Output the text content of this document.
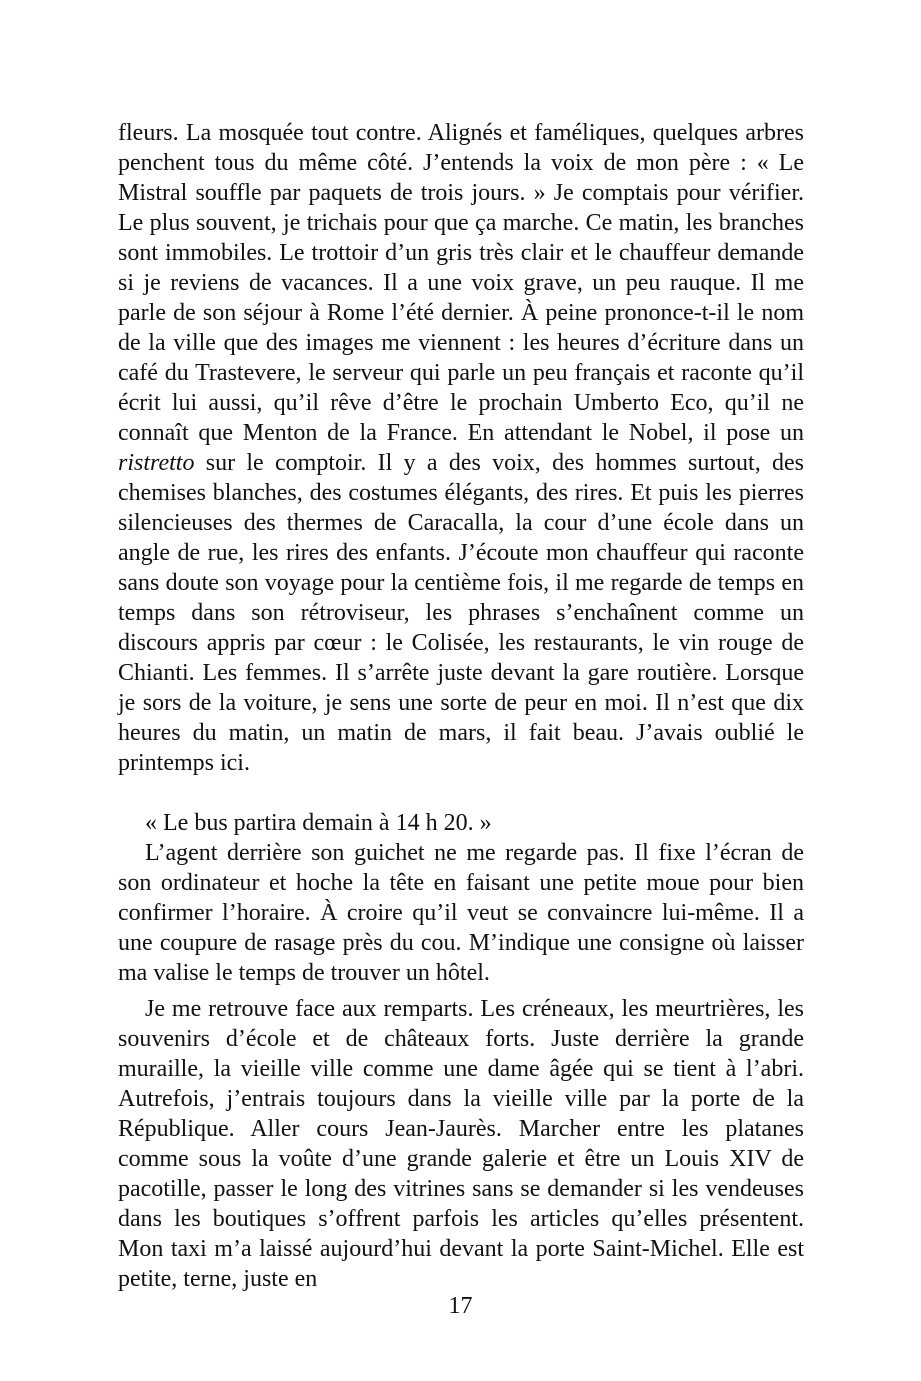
fleurs. La mosquée tout contre. Alignés et faméliques, quelques arbres penchent tous du même côté. J’entends la voix de mon père : « Le Mistral souffle par paquets de trois jours. » Je comptais pour vérifier. Le plus souvent, je trichais pour que ça marche. Ce matin, les branches sont immobiles. Le trottoir d’un gris très clair et le chauffeur demande si je reviens de vacances. Il a une voix grave, un peu rauque. Il me parle de son séjour à Rome l’été dernier. À peine prononce-t-il le nom de la ville que des images me viennent : les heures d’écriture dans un café du Trastevere, le serveur qui parle un peu français et raconte qu’il écrit lui aussi, qu’il rêve d’être le prochain Umberto Eco, qu’il ne connaît que Menton de la France. En attendant le Nobel, il pose un ristretto sur le comptoir. Il y a des voix, des hommes surtout, des chemises blanches, des costumes élégants, des rires. Et puis les pierres silencieuses des thermes de Caracalla, la cour d’une école dans un angle de rue, les rires des enfants. J’écoute mon chauffeur qui raconte sans doute son voyage pour la centième fois, il me regarde de temps en temps dans son rétroviseur, les phrases s’enchaînent comme un discours appris par cœur : le Colisée, les restaurants, le vin rouge de Chianti. Les femmes. Il s’arrête juste devant la gare routière. Lorsque je sors de la voiture, je sens une sorte de peur en moi. Il n’est que dix heures du matin, un matin de mars, il fait beau. J’avais oublié le printemps ici.

« Le bus partira demain à 14 h 20. »

L’agent derrière son guichet ne me regarde pas. Il fixe l’écran de son ordinateur et hoche la tête en faisant une petite moue pour bien confirmer l’horaire. À croire qu’il veut se convaincre lui-même. Il a une coupure de rasage près du cou. M’indique une consigne où laisser ma valise le temps de trouver un hôtel.

Je me retrouve face aux remparts. Les créneaux, les meurtrières, les souvenirs d’école et de châteaux forts. Juste derrière la grande muraille, la vieille ville comme une dame âgée qui se tient à l’abri. Autrefois, j’entrais toujours dans la vieille ville par la porte de la République. Aller cours Jean-Jaurès. Marcher entre les platanes comme sous la voûte d’une grande galerie et être un Louis XIV de pacotille, passer le long des vitrines sans se demander si les vendeuses dans les boutiques s’offrent parfois les articles qu’elles présentent. Mon taxi m’a laissé aujourd’hui devant la porte Saint-Michel. Elle est petite, terne, juste en

17
